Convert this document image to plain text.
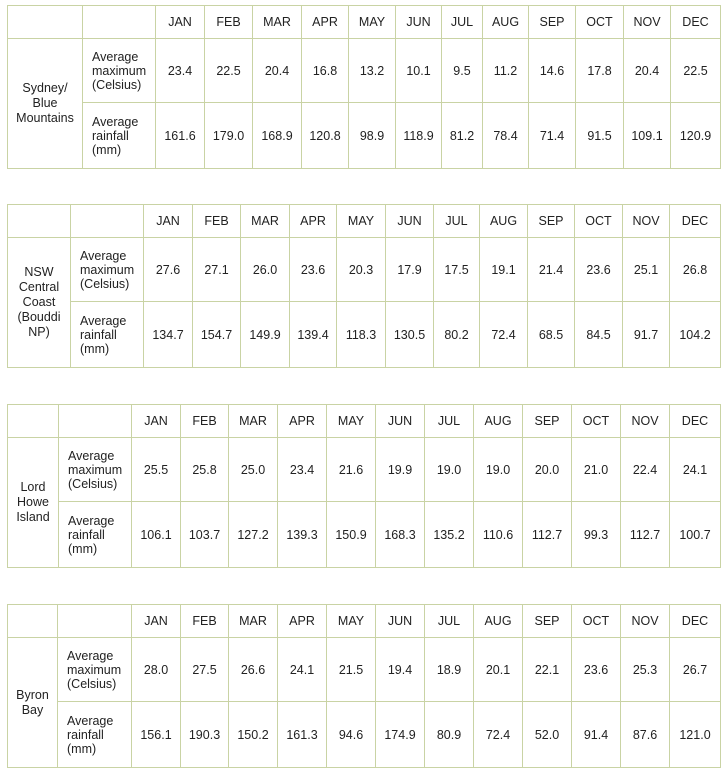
		JAN	FEB	MAR	APR	MAY	JUN	JUL	AUG	SEP	OCT	NOV	DEC
Sydney/
Blue
Mountains	Average
maximum
(Celsius)	23.4	22.5	20.4	16.8	13.2	10.1	9.5	11.2	14.6	17.8	20.4	22.5
	Average
rainfall
(mm)	161.6	179.0	168.9	120.8	98.9	118.9	81.2	78.4	71.4	91.5	109.1	120.9
		JAN	FEB	MAR	APR	MAY	JUN	JUL	AUG	SEP	OCT	NOV	DEC
NSW
Central
Coast
(Bouddi
NP)	Average
maximum
(Celsius)	27.6	27.1	26.0	23.6	20.3	17.9	17.5	19.1	21.4	23.6	25.1	26.8
	Average
rainfall
(mm)	134.7	154.7	149.9	139.4	118.3	130.5	80.2	72.4	68.5	84.5	91.7	104.2
		JAN	FEB	MAR	APR	MAY	JUN	JUL	AUG	SEP	OCT	NOV	DEC
Lord
Howe
Island	Average
maximum
(Celsius)	25.5	25.8	25.0	23.4	21.6	19.9	19.0	19.0	20.0	21.0	22.4	24.1
	Average
rainfall
(mm)	106.1	103.7	127.2	139.3	150.9	168.3	135.2	110.6	112.7	99.3	112.7	100.7
		JAN	FEB	MAR	APR	MAY	JUN	JUL	AUG	SEP	OCT	NOV	DEC
Byron
Bay	Average
maximum
(Celsius)	28.0	27.5	26.6	24.1	21.5	19.4	18.9	20.1	22.1	23.6	25.3	26.7
	Average
rainfall
(mm)	156.1	190.3	150.2	161.3	94.6	174.9	80.9	72.4	52.0	91.4	87.6	121.0
